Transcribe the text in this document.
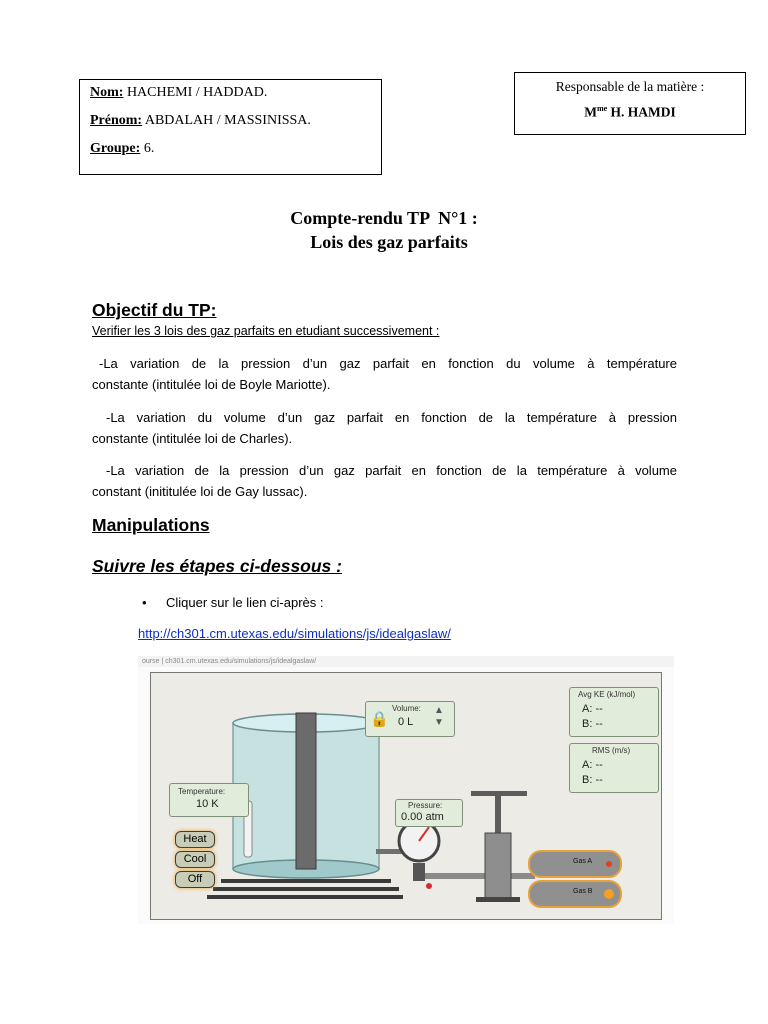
Nom: HACHEMI / HADDAD.
Prénom: ABDALAH / MASSINISSA.
Groupe: 6.
Responsable de la matière :
$M^{me}$ H. HAMDI
Compte-rendu TP  N°1 :
Lois des gaz parfaits
Objectif du TP:
Verifier les 3 lois des gaz parfaits en etudiant successivement :
-La variation de la pression d’un gaz parfait en fonction du volume à température
constante (intitulée loi de Boyle Mariotte).
-La variation du volume d’un gaz parfait en fonction de la température à pression
constante (intitulée loi de Charles).
-La variation de la pression d’un gaz parfait en fonction de la température à volume
constant (inititulée loi de Gay lussac).
Manipulations
Suivre les étapes ci-dessous :
• Cliquer sur le lien ci-après :
http://ch301.cm.utexas.edu/simulations/js/idealgaslaw/
ourse | ch301.cm.utexas.edu/simulations/js/idealgaslaw/
🔒
Volume:
0 L
▲
▼
Temperature:
10 K	Pressure:
0.00 atm
Heat
Cool
Off
Avg KE (kJ/mol)
A: --
B: --
RMS (m/s)
A: --
B: --
Gas A
Gas B
